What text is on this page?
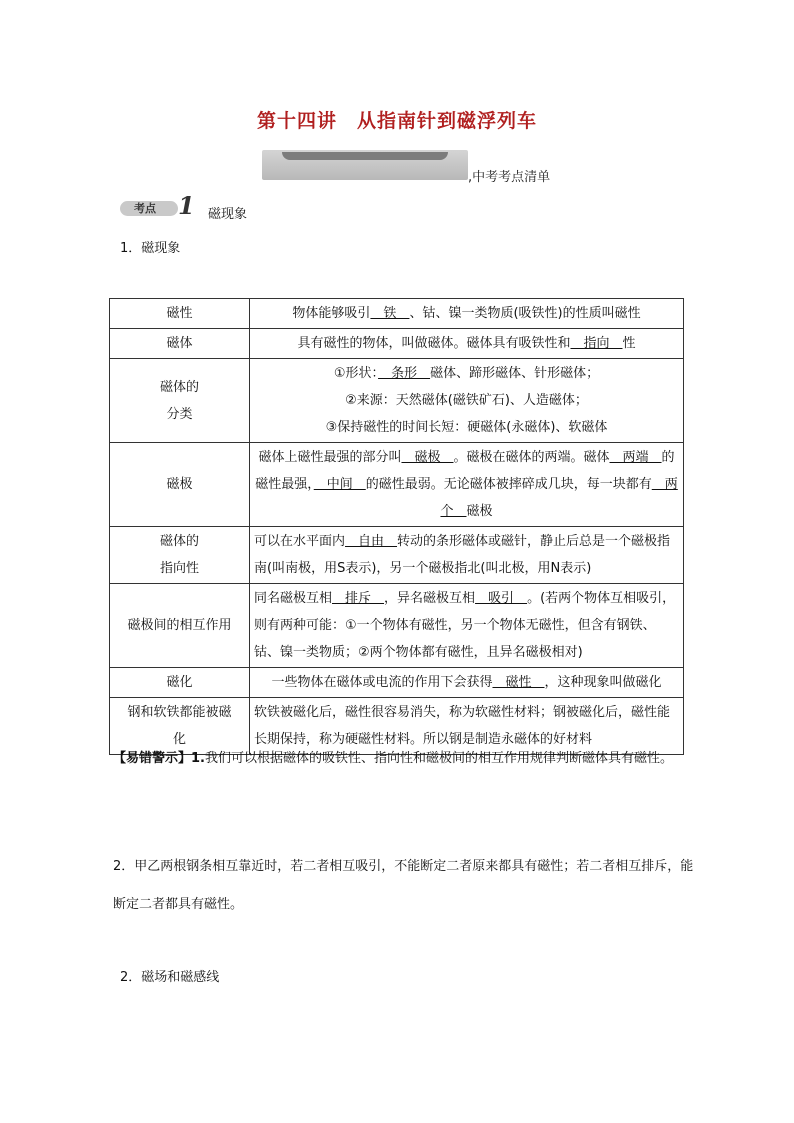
第十四讲　从指南针到磁浮列车
,中考考点清单
考点 1 磁现象
1．磁现象
磁性	物体能够吸引　铁　、钴、镍一类物质(吸铁性)的性质叫磁性
磁体	具有磁性的物体，叫做磁体。磁体具有吸铁性和　指向　性
磁体的
分类	①形状：　条形　磁体、蹄形磁体、针形磁体；
②来源：天然磁体(磁铁矿石)、人造磁体；
③保持磁性的时间长短：硬磁体(永磁体)、软磁体
磁极	磁体上磁性最强的部分叫　磁极　。磁极在磁体的两端。磁体　两端　的磁性最强，　中间　的磁性最弱。无论磁体被摔碎成几块，每一块都有　两个　磁极
磁体的
指向性	可以在水平面内　自由　转动的条形磁体或磁针，静止后总是一个磁极指南(叫南极，用S表示)，另一个磁极指北(叫北极，用N表示)
磁极间的相互作用	同名磁极互相　排斥　，异名磁极互相　吸引　。(若两个物体互相吸引，则有两种可能：①一个物体有磁性，另一个物体无磁性，但含有钢铁、钴、镍一类物质；②两个物体都有磁性，且异名磁极相对)
磁化	一些物体在磁体或电流的作用下会获得　磁性　，这种现象叫做磁化
钢和软铁都能被磁
化	软铁被磁化后，磁性很容易消失，称为软磁性材料；钢被磁化后，磁性能长期保持，称为硬磁性材料。所以钢是制造永磁体的好材料
【易错警示】1.我们可以根据磁体的吸铁性、指向性和磁极间的相互作用规律判断磁体具有磁性。
2．甲乙两根钢条相互靠近时，若二者相互吸引，不能断定二者原来都具有磁性；若二者相互排斥，能断定二者都具有磁性。
2．磁场和磁感线
